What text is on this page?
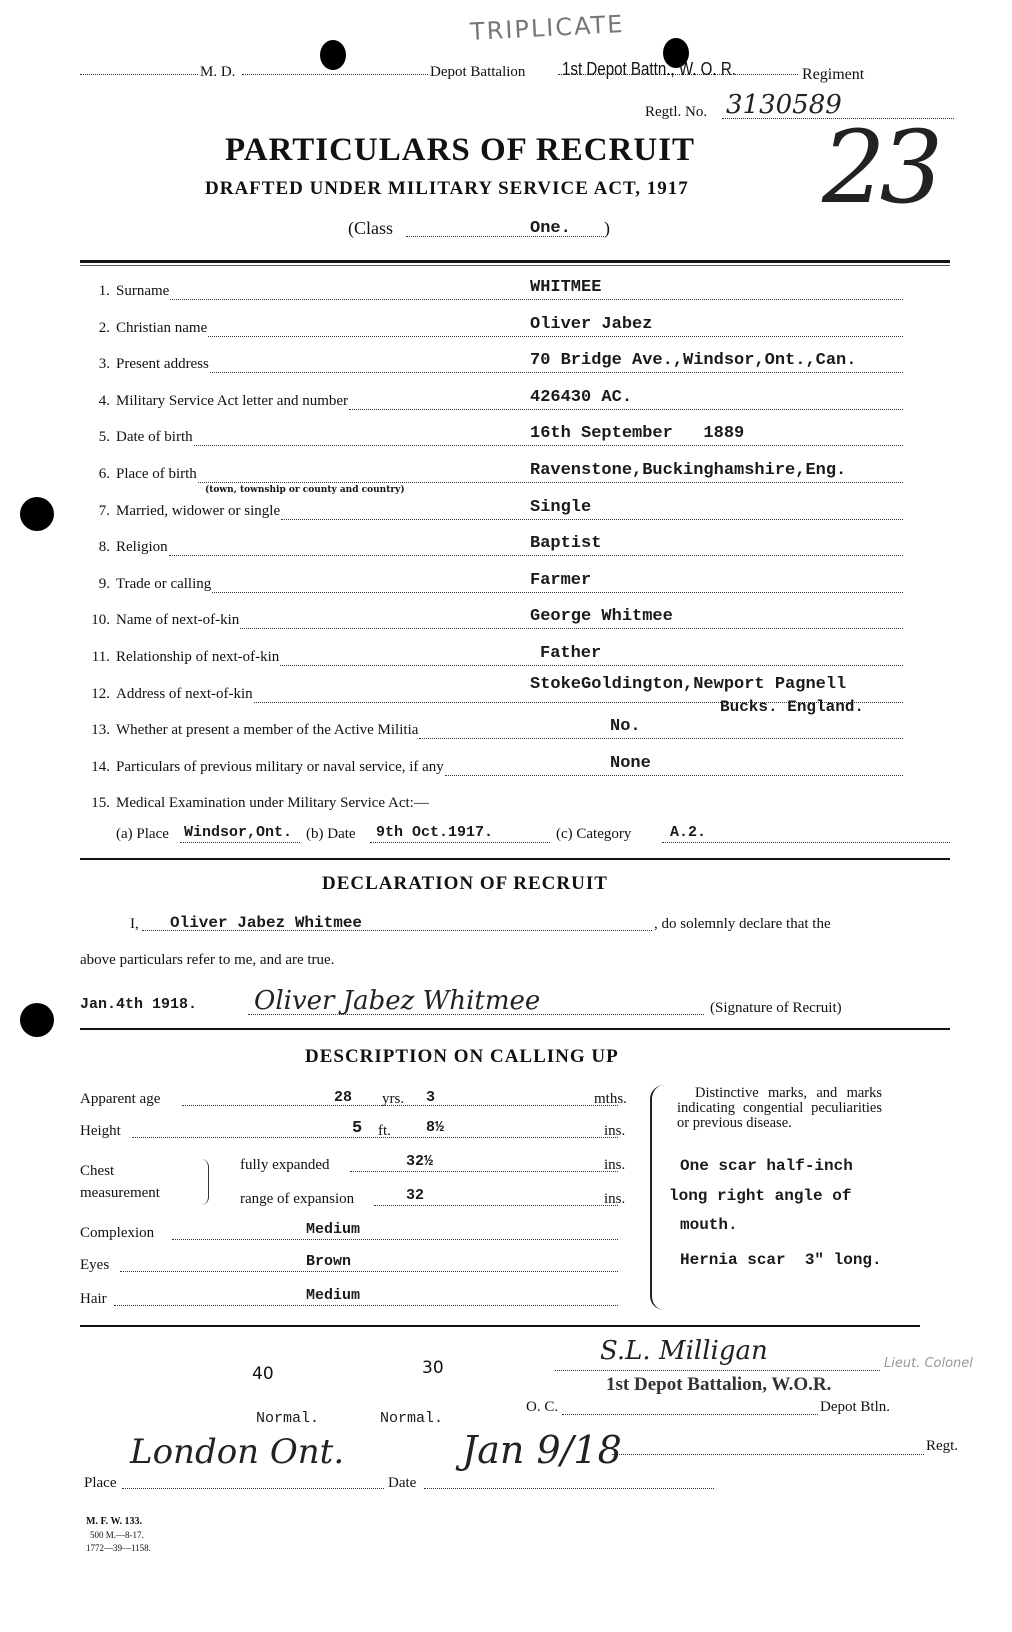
TRIPLICATE
M. D.	Depot Battalion 1st Depot Battn., W. O. R.	Regiment
Regtl. No. 3130589
23
PARTICULARS OF RECRUIT
DRAFTED UNDER MILITARY SERVICE ACT, 1917
(Class	One. )
1. Surname	WHITMEE
2. Christian name	Oliver Jabez
3. Present address	70 Bridge Ave.,Windsor,Ont.,Can.
4. Military Service Act letter and number	426430 AC.
5. Date of birth	16th September   1889
6. Place of birth	Ravenstone,Buckinghamshire,Eng.
(town, township or county and country)
7. Married, widower or single	Single
8. Religion	Baptist
9. Trade or calling	Farmer
10. Name of next-of-kin	George Whitmee
11. Relationship of next-of-kin	Father
12. Address of next-of-kin	StokeGoldington,Newport Pagnell
Bucks. England.
13. Whether at present a member of the Active Militia	No.
14. Particulars of previous military or naval service, if any	None
15. Medical Examination under Military Service Act:—
(a) Place Windsor,Ont. (b) Date 9th Oct.1917.	(c) Category	A.2.
DECLARATION OF RECRUIT
I, Oliver Jabez Whitmee	, do solemnly declare that the
above particulars refer to me, and are true.
Jan.4th 1918. Oliver Jabez Whitmee	(Signature of Recruit)
DESCRIPTION ON CALLING UP
Apparent age	28 yrs. 3	mths.
Height	5 ft. 8½	ins.
Chest
measurement
fully expanded	32½	ins.
range of expansion	32	ins.
Complexion	Medium
Eyes	Brown
Hair	Medium
Distinctive marks, and marks indicating congential peculiarities or previous disease.
One scar half-inch
long right angle of
mouth.
Hernia scar  3" long.
40	30
Normal.	Normal.
S.L. Milligan	Lieut. Colonel
1st Depot Battalion, W.O.R.
O. C.	Depot Btln.
Regt.
London Ont.
Place
Jan 9/18
Date
M. F. W. 133.
500 M.—8-17.
1772—39—1158.
